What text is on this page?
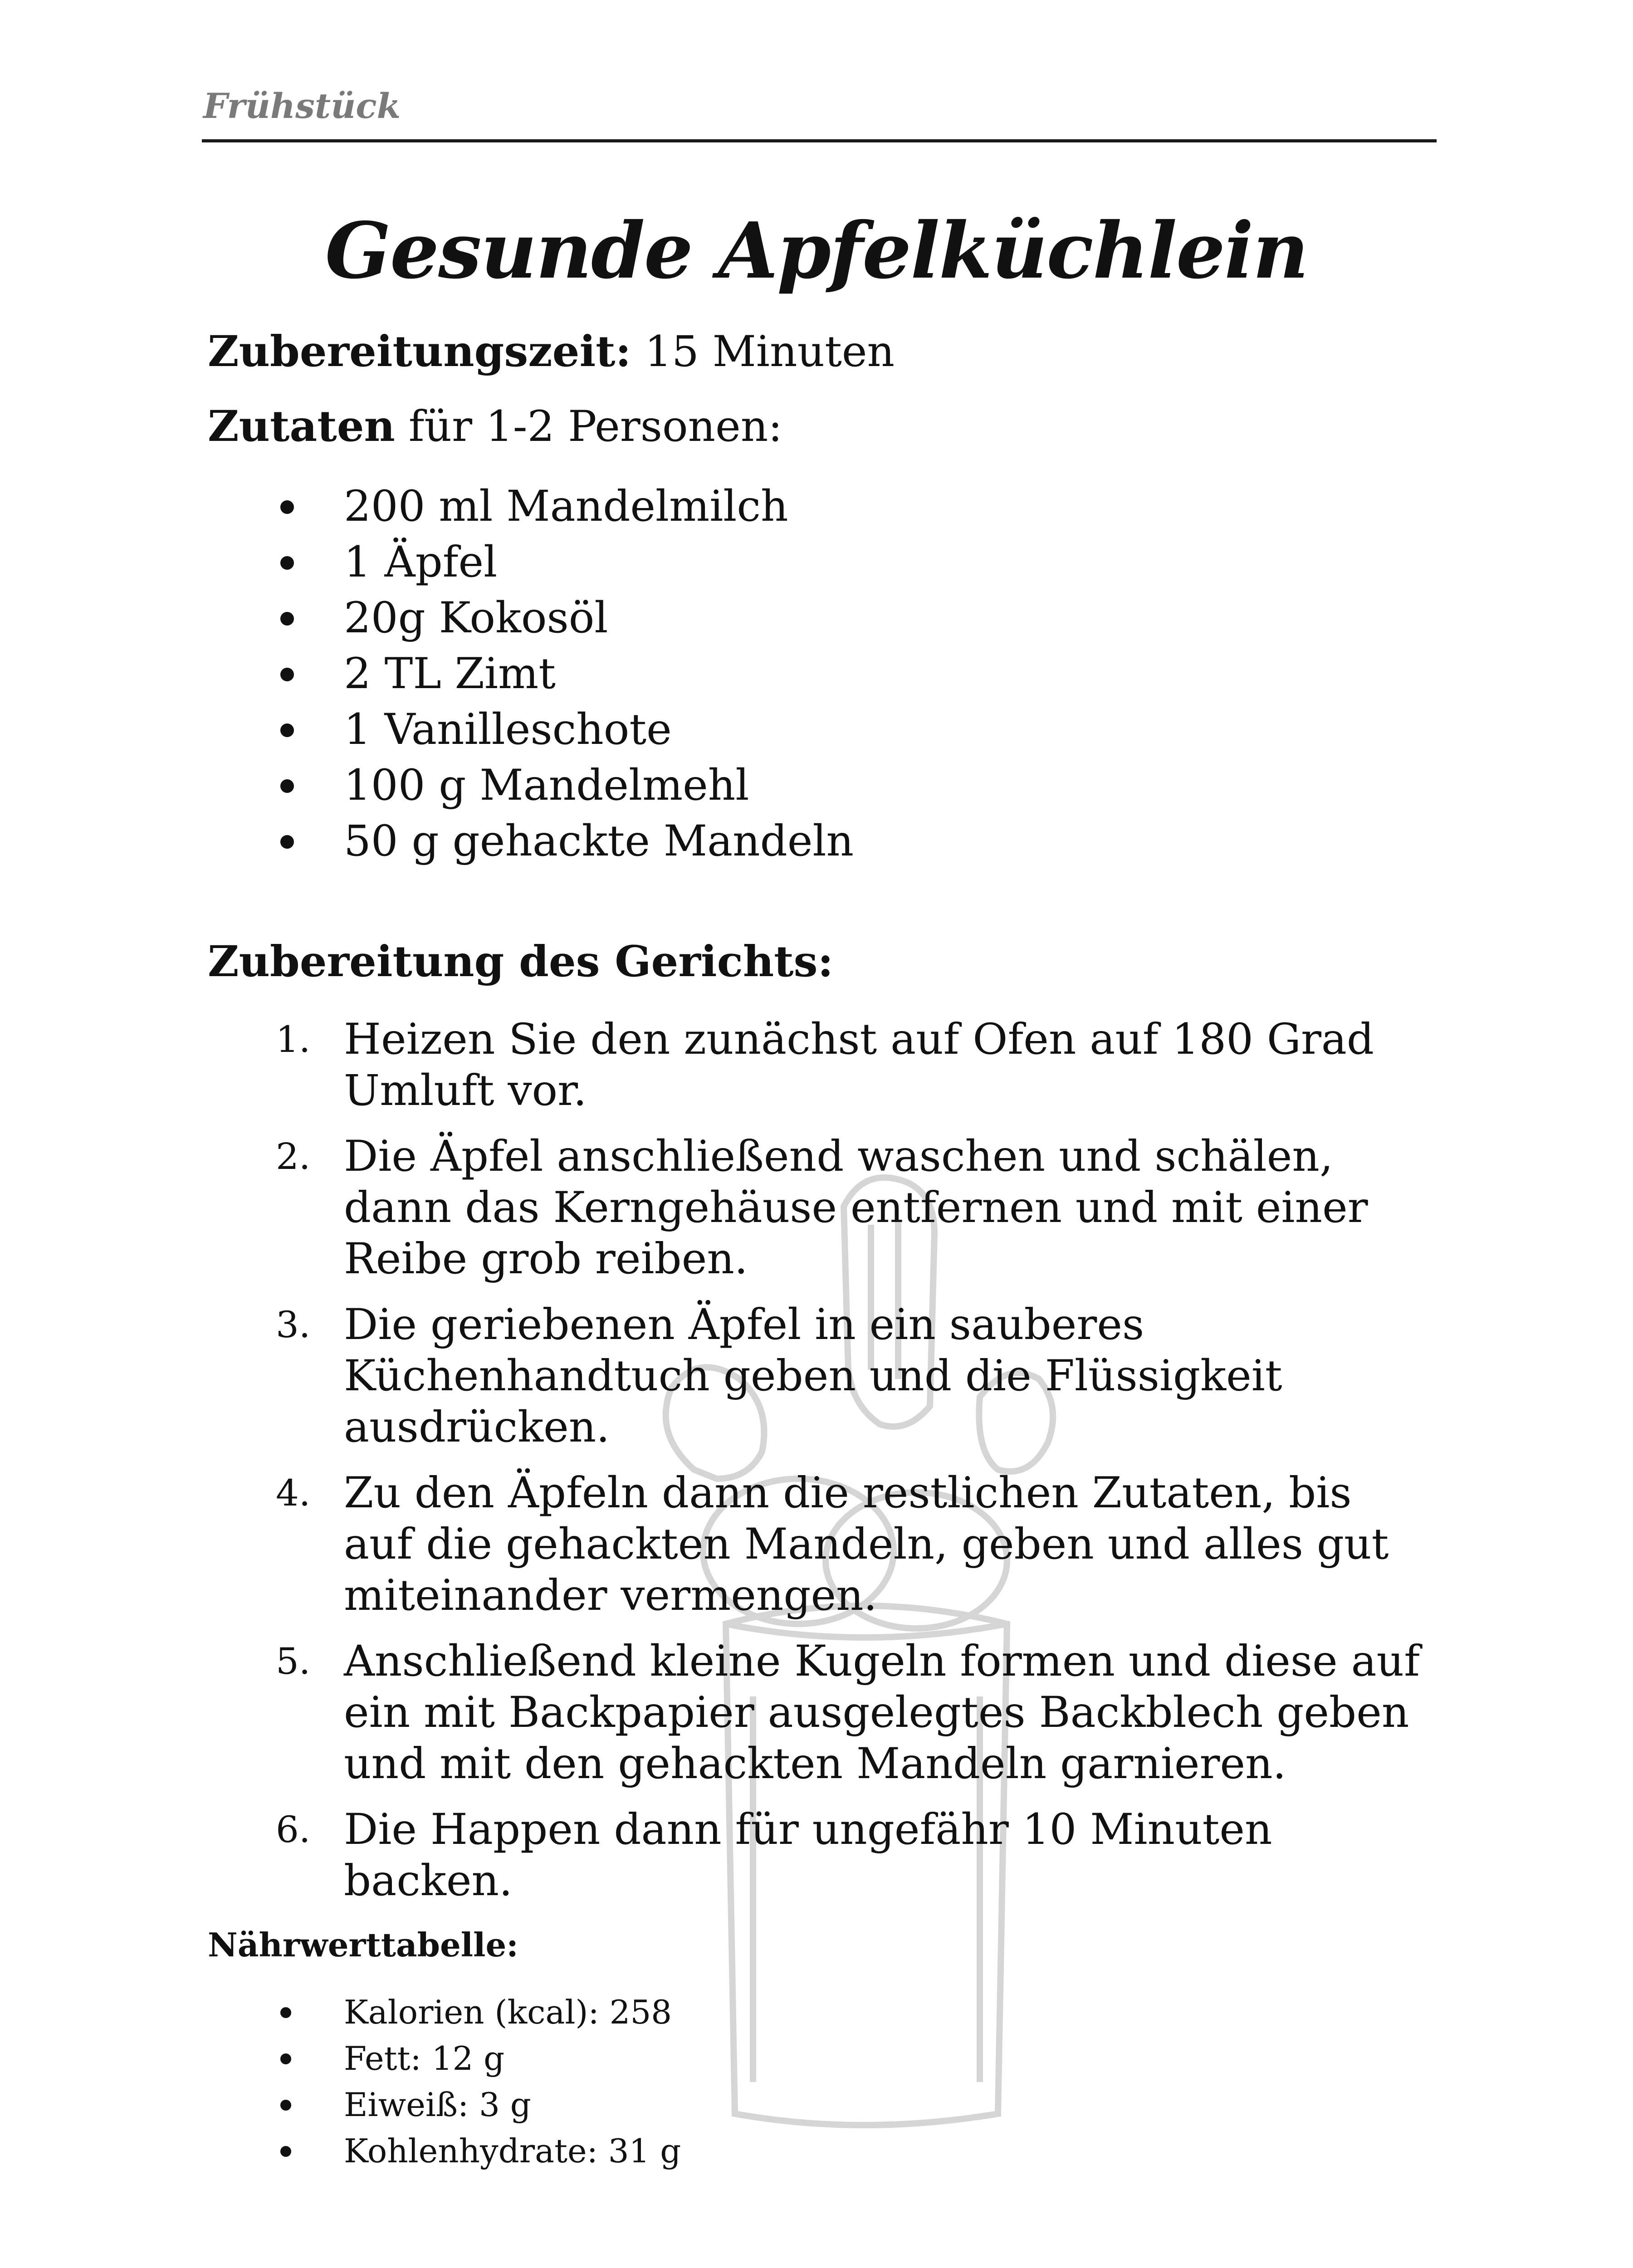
Frühstück
Gesunde Apfelküchlein
Zubereitungszeit: 15 Minuten
Zutaten für 1-2 Personen:
200 ml Mandelmilch
1 Äpfel
20g Kokosöl
2 TL Zimt
1 Vanilleschote
100 g Mandelmehl
50 g gehackte Mandeln
Zubereitung des Gerichts:
1. Heizen Sie den zunächst auf Ofen auf 180 Grad Umluft vor.
2. Die Äpfel anschließend waschen und schälen, dann das Kerngehäuse entfernen und mit einer Reibe grob reiben.
3. Die geriebenen Äpfel in ein sauberes Küchenhandtuch geben und die Flüssigkeit ausdrücken.
4. Zu den Äpfeln dann die restlichen Zutaten, bis auf die gehackten Mandeln, geben und alles gut miteinander vermengen.
5. Anschließend kleine Kugeln formen und diese auf ein mit Backpapier ausgelegtes Backblech geben und mit den gehackten Mandeln garnieren.
6. Die Happen dann für ungefähr 10 Minuten backen.
Nährwerttabelle:
Kalorien (kcal): 258
Fett: 12 g
Eiweiß: 3 g
Kohlenhydrate: 31 g
